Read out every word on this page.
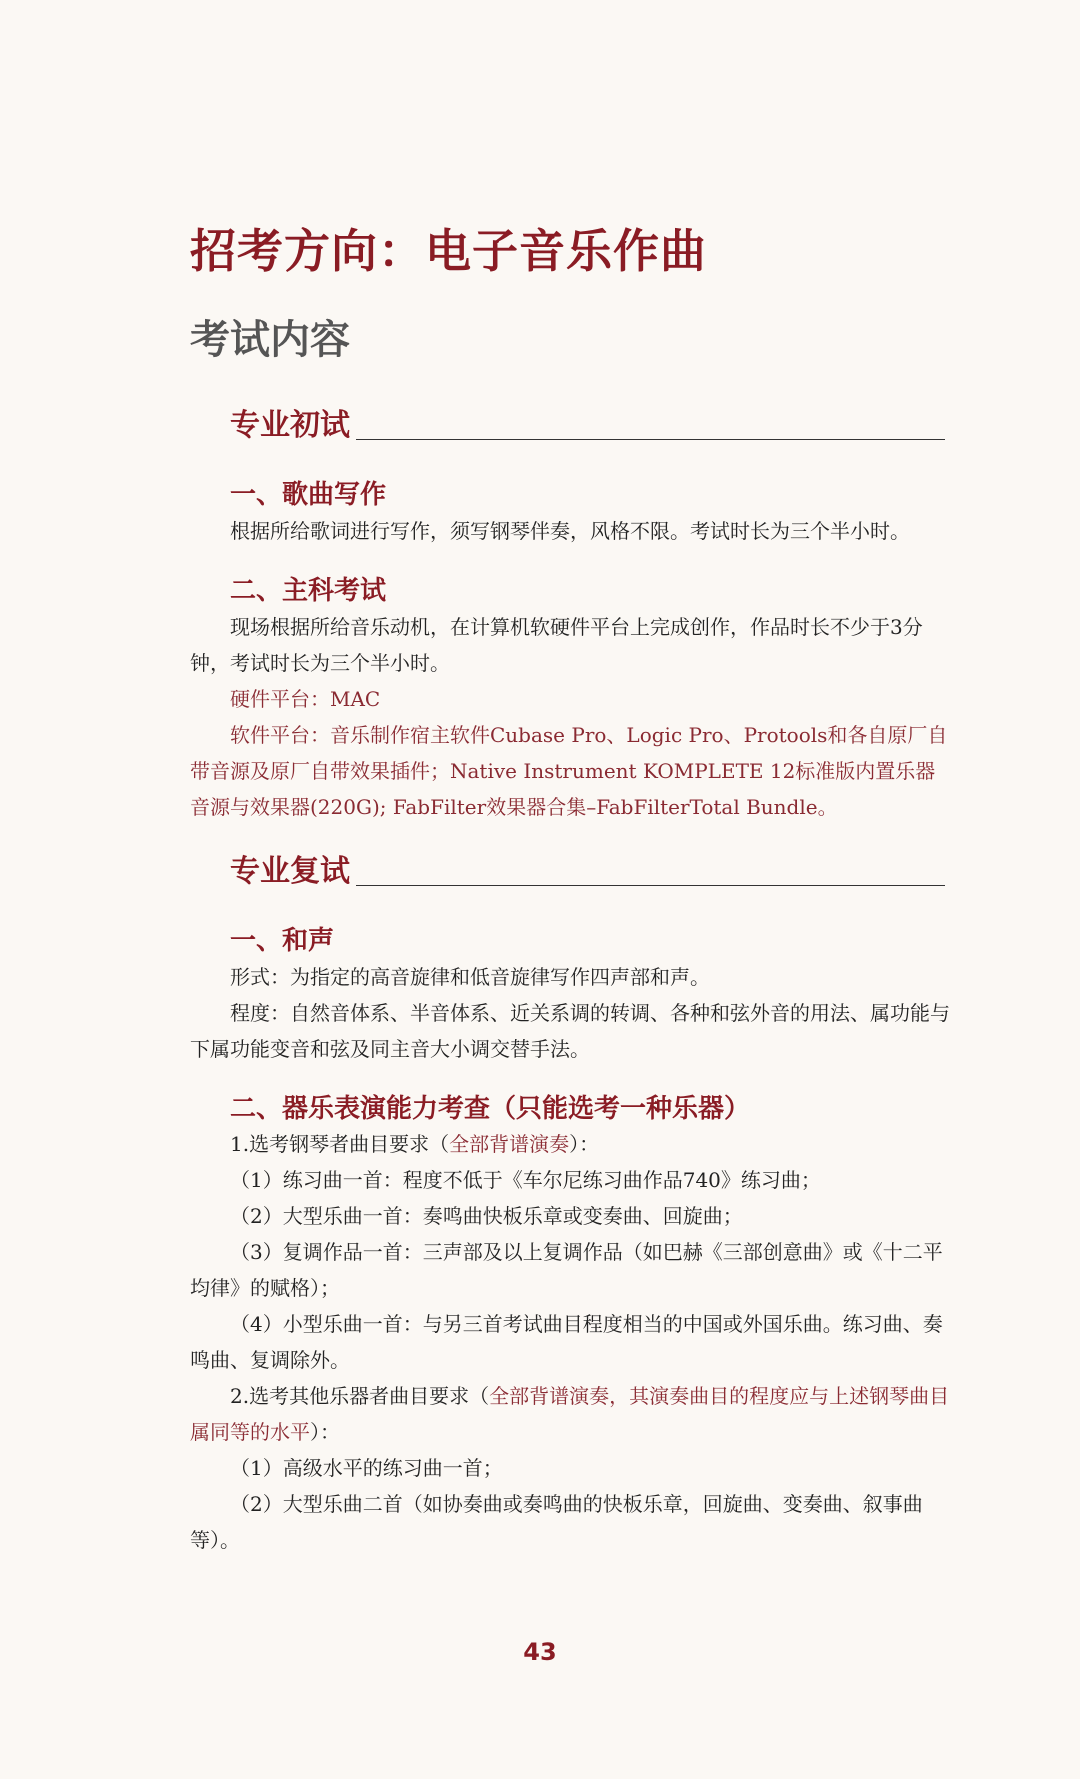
招考方向：电子音乐作曲
考试内容
专业初试
一、歌曲写作

根据所给歌词进行写作，须写钢琴伴奏，风格不限。考试时长为三个半小时。

二、主科考试

现场根据所给音乐动机，在计算机软硬件平台上完成创作，作品时长不少于3分钟，考试时长为三个半小时。

硬件平台：MAC

软件平台：音乐制作宿主软件Cubase Pro、Logic Pro、Protools和各自原厂自带音源及原厂自带效果插件；Native Instrument KOMPLETE 12标准版内置乐器音源与效果器(220G); FabFilter效果器合集–FabFilterTotal Bundle。

专业复试
一、和声

形式：为指定的高音旋律和低音旋律写作四声部和声。

程度：自然音体系、半音体系、近关系调的转调、各种和弦外音的用法、属功能与下属功能变音和弦及同主音大小调交替手法。

二、器乐表演能力考查（只能选考一种乐器）

1.选考钢琴者曲目要求（全部背谱演奏）：

（1）练习曲一首：程度不低于《车尔尼练习曲作品740》练习曲；

（2）大型乐曲一首：奏鸣曲快板乐章或变奏曲、回旋曲；

（3）复调作品一首：三声部及以上复调作品（如巴赫《三部创意曲》或《十二平均律》的赋格）；

（4）小型乐曲一首：与另三首考试曲目程度相当的中国或外国乐曲。练习曲、奏鸣曲、复调除外。

2.选考其他乐器者曲目要求（全部背谱演奏，其演奏曲目的程度应与上述钢琴曲目属同等的水平）：

（1）高级水平的练习曲一首；

（2）大型乐曲二首（如协奏曲或奏鸣曲的快板乐章，回旋曲、变奏曲、叙事曲等）。

43
